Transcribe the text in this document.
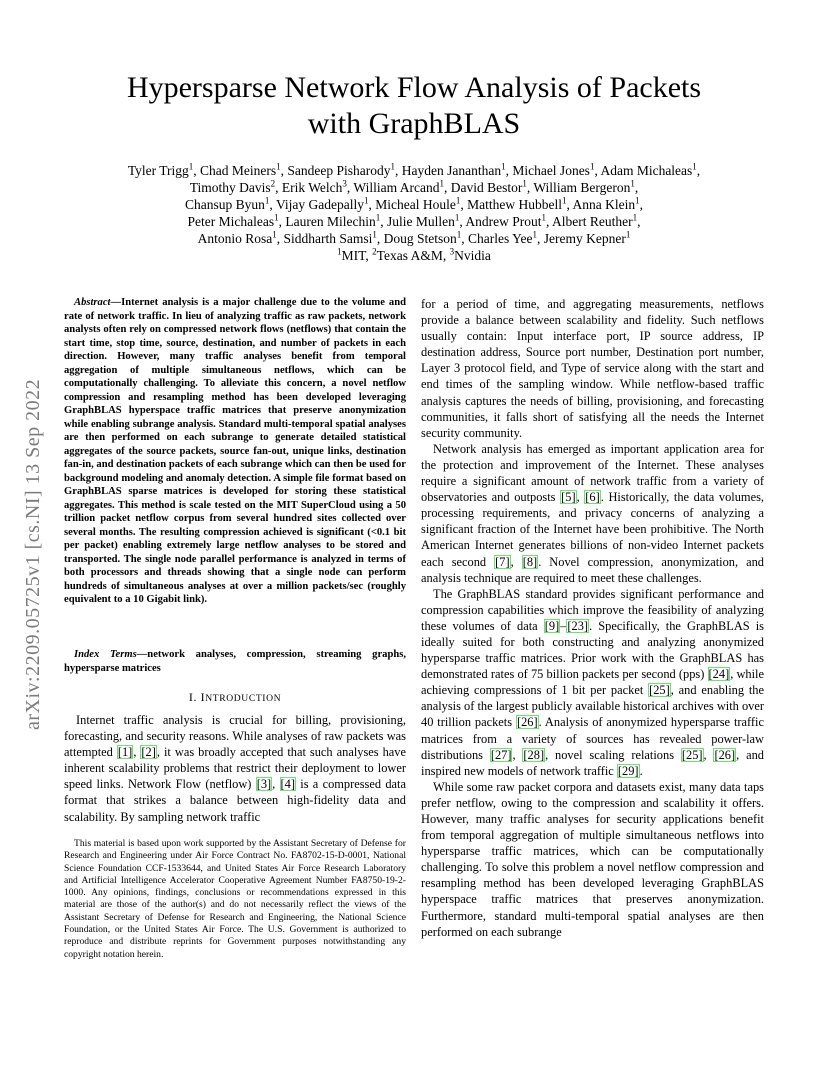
arXiv:2209.05725v1 [cs.NI] 13 Sep 2022
Hypersparse Network Flow Analysis of Packets
with GraphBLAS
Tyler Trigg$^1$, Chad Meiners$^1$, Sandeep Pisharody$^1$, Hayden Jananthan$^1$, Michael Jones$^1$, Adam Michaleas$^1$,
Timothy Davis$^2$, Erik Welch$^3$, William Arcand$^1$, David Bestor$^1$, William Bergeron$^1$,
Chansup Byun$^1$, Vijay Gadepally$^1$, Micheal Houle$^1$, Matthew Hubbell$^1$, Anna Klein$^1$,
Peter Michaleas$^1$, Lauren Milechin$^1$, Julie Mullen$^1$, Andrew Prout$^1$, Albert Reuther$^1$,
Antonio Rosa$^1$, Siddharth Samsi$^1$, Doug Stetson$^1$, Charles Yee$^1$, Jeremy Kepner$^1$
$^1$MIT, $^2$Texas A&M, $^3$Nvidia
Abstract—Internet analysis is a major challenge due to the volume and rate of network traffic. In lieu of analyzing traffic as raw packets, network analysts often rely on compressed network flows (netflows) that contain the start time, stop time, source, destination, and number of packets in each direction. However, many traffic analyses benefit from temporal aggregation of multiple simultaneous netflows, which can be computationally challenging. To alleviate this concern, a novel netflow compression and resampling method has been developed leveraging GraphBLAS hyperspace traffic matrices that preserve anonymization while enabling subrange analysis. Standard multi-temporal spatial analyses are then performed on each subrange to generate detailed statistical aggregates of the source packets, source fan-out, unique links, destination fan-in, and destination packets of each subrange which can then be used for background modeling and anomaly detection. A simple file format based on GraphBLAS sparse matrices is developed for storing these statistical aggregates. This method is scale tested on the MIT SuperCloud using a 50 trillion packet netflow corpus from several hundred sites collected over several months. The resulting compression achieved is significant (<0.1 bit per packet) enabling extremely large netflow analyses to be stored and transported. The single node parallel performance is analyzed in terms of both processors and threads showing that a single node can perform hundreds of simultaneous analyses at over a million packets/sec (roughly equivalent to a 10 Gigabit link).
Index Terms—network analyses, compression, streaming graphs, hypersparse matrices
I. INTRODUCTION
Internet traffic analysis is crucial for billing, provisioning, forecasting, and security reasons. While analyses of raw packets was attempted [1], [2], it was broadly accepted that such analyses have inherent scalability problems that restrict their deployment to lower speed links. Network Flow (netflow) [3], [4] is a compressed data format that strikes a balance between high-fidelity data and scalability. By sampling network traffic
This material is based upon work supported by the Assistant Secretary of Defense for Research and Engineering under Air Force Contract No. FA8702-15-D-0001, National Science Foundation CCF-1533644, and United States Air Force Research Laboratory and Artificial Intelligence Accelerator Cooperative Agreement Number FA8750-19-2-1000. Any opinions, findings, conclusions or recommendations expressed in this material are those of the author(s) and do not necessarily reflect the views of the Assistant Secretary of Defense for Research and Engineering, the National Science Foundation, or the United States Air Force. The U.S. Government is authorized to reproduce and distribute reprints for Government purposes notwithstanding any copyright notation herein.

for a period of time, and aggregating measurements, netflows provide a balance between scalability and fidelity. Such netflows usually contain: Input interface port, IP source address, IP destination address, Source port number, Destination port number, Layer 3 protocol field, and Type of service along with the start and end times of the sampling window. While netflow-based traffic analysis captures the needs of billing, provisioning, and forecasting communities, it falls short of satisfying all the needs the Internet security community.

Network analysis has emerged as important application area for the protection and improvement of the Internet. These analyses require a significant amount of network traffic from a variety of observatories and outposts [5], [6]. Historically, the data volumes, processing requirements, and privacy concerns of analyzing a significant fraction of the Internet have been prohibitive. The North American Internet generates billions of non-video Internet packets each second [7], [8]. Novel compression, anonymization, and analysis technique are required to meet these challenges.

The GraphBLAS standard provides significant performance and compression capabilities which improve the feasibility of analyzing these volumes of data [9]–[23]. Specifically, the GraphBLAS is ideally suited for both constructing and analyzing anonymized hypersparse traffic matrices. Prior work with the GraphBLAS has demonstrated rates of 75 billion packets per second (pps) [24], while achieving compressions of 1 bit per packet [25], and enabling the analysis of the largest publicly available historical archives with over 40 trillion packets [26]. Analysis of anonymized hypersparse traffic matrices from a variety of sources has revealed power-law distributions [27], [28], novel scaling relations [25], [26], and inspired new models of network traffic [29].

While some raw packet corpora and datasets exist, many data taps prefer netflow, owing to the compression and scalability it offers. However, many traffic analyses for security applications benefit from temporal aggregation of multiple simultaneous netflows into hypersparse traffic matrices, which can be computationally challenging. To solve this problem a novel netflow compression and resampling method has been developed leveraging GraphBLAS hyperspace traffic matrices that preserves anonymization. Furthermore, standard multi-temporal spatial analyses are then performed on each subrange
